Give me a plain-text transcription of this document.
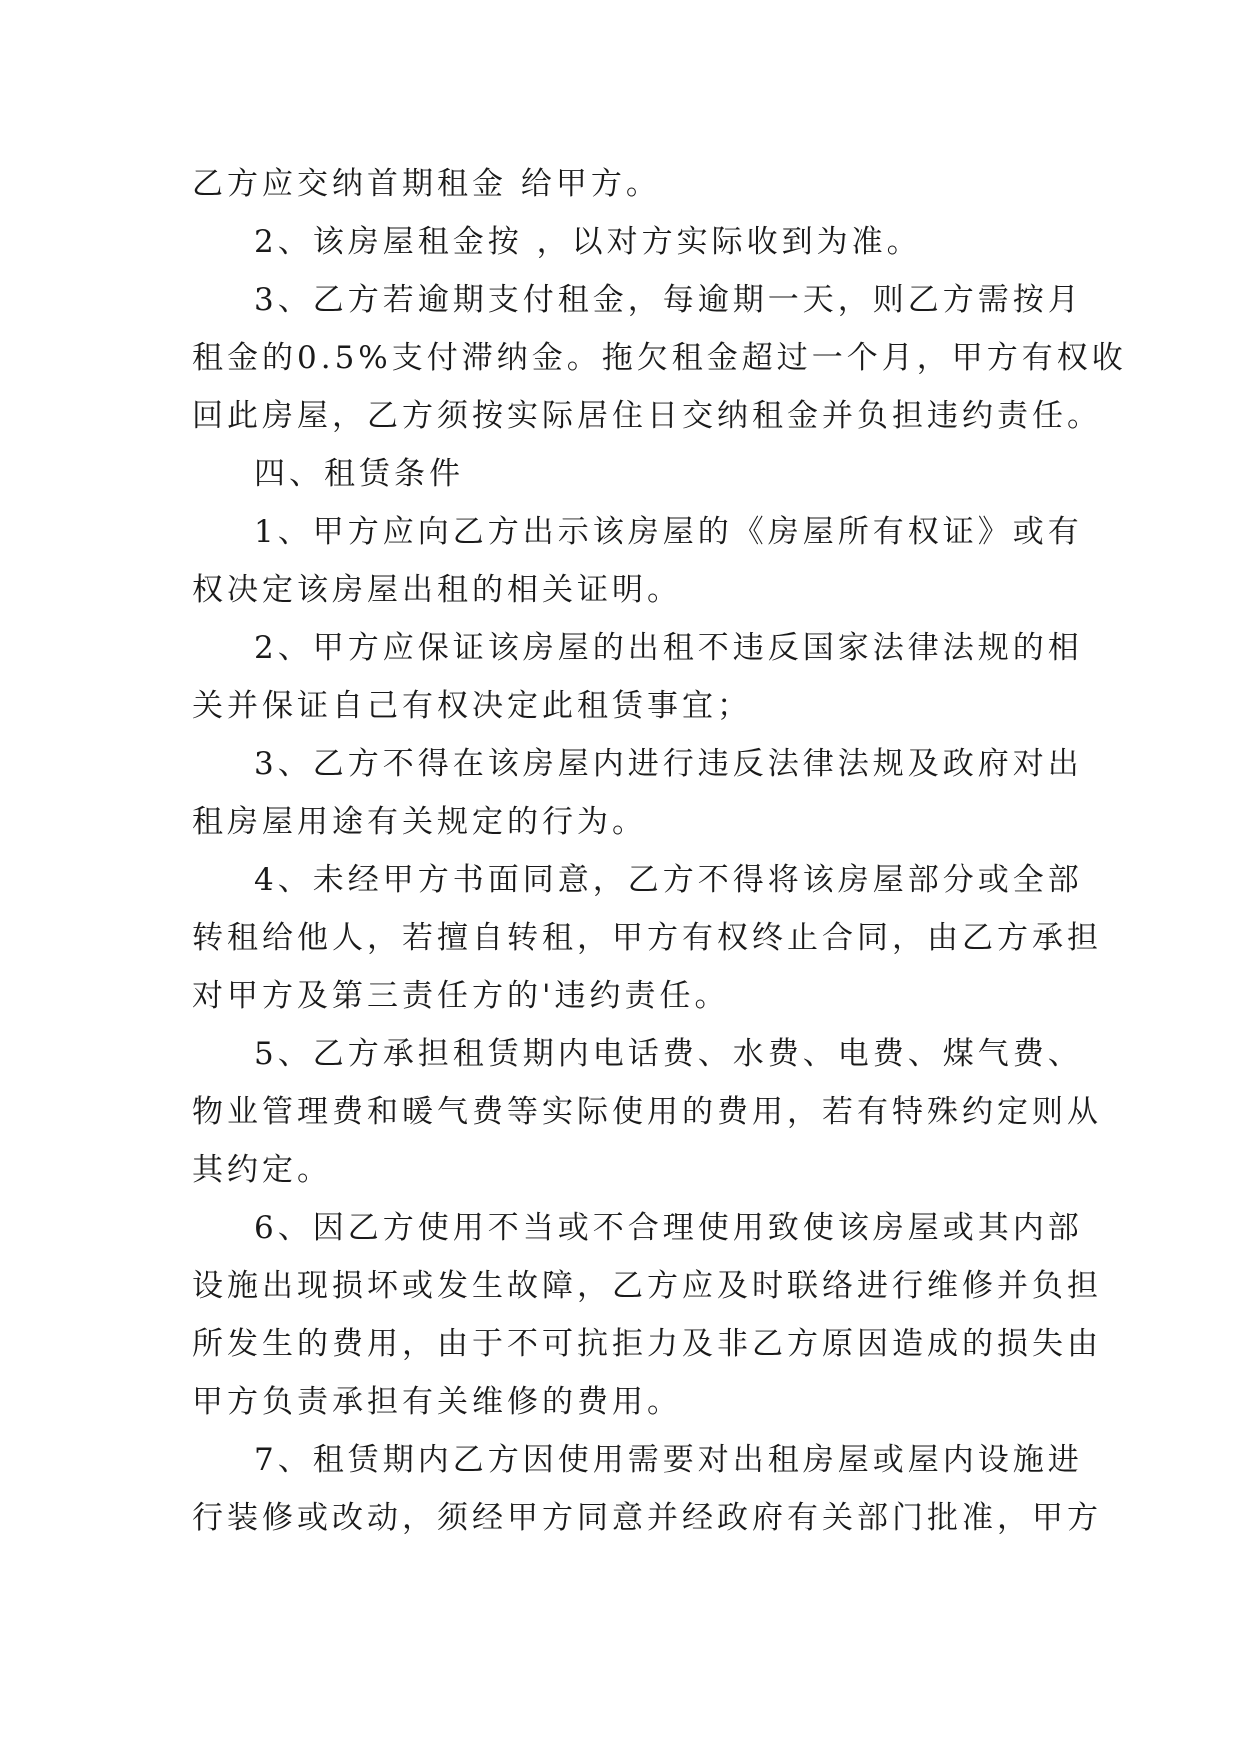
乙方应交纳首期租金 给甲方。
2、该房屋租金按 ，以对方实际收到为准。
3、乙方若逾期支付租金，每逾期一天，则乙方需按月
租金的0.5%支付滞纳金。拖欠租金超过一个月，甲方有权收
回此房屋，乙方须按实际居住日交纳租金并负担违约责任。
四、租赁条件
1、甲方应向乙方出示该房屋的《房屋所有权证》或有
权决定该房屋出租的相关证明。
2、甲方应保证该房屋的出租不违反国家法律法规的相
关并保证自己有权决定此租赁事宜；
3、乙方不得在该房屋内进行违反法律法规及政府对出
租房屋用途有关规定的行为。
4、未经甲方书面同意，乙方不得将该房屋部分或全部
转租给他人，若擅自转租，甲方有权终止合同，由乙方承担
对甲方及第三责任方的'违约责任。
5、乙方承担租赁期内电话费、水费、电费、煤气费、
物业管理费和暖气费等实际使用的费用，若有特殊约定则从
其约定。
6、因乙方使用不当或不合理使用致使该房屋或其内部
设施出现损坏或发生故障，乙方应及时联络进行维修并负担
所发生的费用，由于不可抗拒力及非乙方原因造成的损失由
甲方负责承担有关维修的费用。
7、租赁期内乙方因使用需要对出租房屋或屋内设施进
行装修或改动，须经甲方同意并经政府有关部门批准，甲方
